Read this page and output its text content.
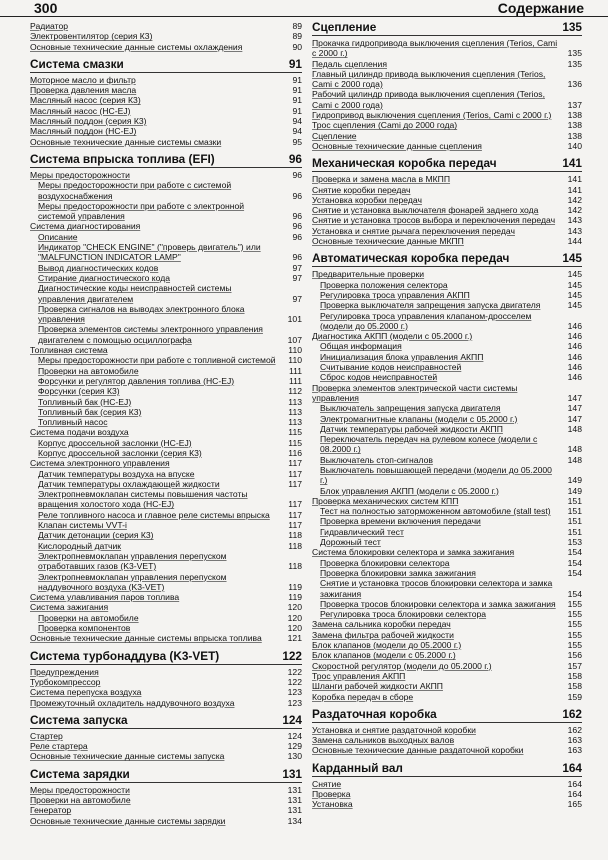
300	Содержание
Радиатор	89
Электровентилятор (серия К3)	89
Основные технические данные системы охлаждения	90
Система смазки	91
Моторное масло и фильтр	91
Проверка давления масла	91
Масляный насос (серия К3)	91
Масляный насос (HC-EJ)	91
Масляный поддон (серия К3)	94
Масляный поддон (HC-EJ)	94
Основные технические данные системы смазки	95
Система впрыска топлива (EFI)	96
Меры предосторожности	96
Меры предосторожности при работе с системой воздухоснабжения	96
Меры предосторожности при работе с электронной системой управления	96
Система диагностирования	96
Описание	96
Индикатор "CHECK ENGINE" ("проверь двигатель") или "MALFUNCTION INDICATOR LAMP"	96
Вывод диагностических кодов	97
Стирание диагностического кода	97
Диагностические коды неисправностей системы управления двигателем	97
Проверка сигналов на выводах электронного блока управления	101
Проверка элементов системы электронного управления двигателем с помощью осциллографа	107
Топливная система	110
Меры предосторожности при работе с топливной системой	110
Проверки на автомобиле	111
Форсунки и регулятор давления топлива (HC-EJ)	111
Форсунки (серия К3)	112
Топливный бак (HC-EJ)	113
Топливный бак (серия К3)	113
Топливный насос	113
Система подачи воздуха	115
Корпус дроссельной заслонки (HC-EJ)	115
Корпус дроссельной заслонки (серия К3)	116
Система электронного управления	117
Датчик температуры воздуха на впуске	117
Датчик температуры охлаждающей жидкости	117
Электропневмоклапан системы повышения частоты вращения холостого хода (HC-EJ)	117
Реле топливного насоса и главное реле системы впрыска	117
Клапан системы VVT-i	117
Датчик детонации (серия К3)	118
Кислородный датчик	118
Электропневмоклапан управления перепуском отработавших газов (K3-VET)	118
Электропневмоклапан управления перепуском наддувочного воздуха (K3-VET)	119
Система улавливания паров топлива	119
Система зажигания	120
Проверки на автомобиле	120
Проверка компонентов	120
Основные технические данные системы впрыска топлива	121
Система турбонаддува (K3-VET)	122
Предупреждения	122
Турбокомпрессор	122
Система перепуска воздуха	123
Промежуточный охладитель наддувочного воздуха	123
Система запуска	124
Стартер	124
Реле стартера	129
Основные технические данные системы запуска	130
Система зарядки	131
Меры предосторожности	131
Проверки на автомобиле	131
Генератор	131
Основные технические данные системы зарядки	134
Сцепление	135
Прокачка гидропривода выключения сцепления (Terios, Cami с 2000 г.)	135
Педаль сцепления	135
Главный цилиндр привода выключения сцепления (Terios, Cami с 2000 года)	136
Рабочий цилиндр привода выключения сцепления (Terios, Cami с 2000 года)	137
Гидропривод выключения сцепления (Terios, Cami с 2000 г.)	138
Трос сцепления (Cami до 2000 года)	138
Сцепление	138
Основные технические данные сцепления	140
Механическая коробка передач	141
Проверка и замена масла в МКПП	141
Снятие коробки передач	141
Установка коробки передач	142
Снятие и установка выключателя фонарей заднего хода	142
Снятие и установка тросов выбора и переключения передач	143
Установка и снятие рычага переключения передач	143
Основные технические данные МКПП	144
Автоматическая коробка передач	145
Предварительные проверки	145
Проверка положения селектора	145
Регулировка троса управления АКПП	145
Проверка выключателя запрещения запуска двигателя	145
Регулировка троса управления клапаном-дросселем (модели до 05.2000 г.)	146
Диагностика АКПП (модели с 05.2000 г.)	146
Общая информация	146
Инициализация блока управления АКПП	146
Считывание кодов неисправностей	146
Сброс кодов неисправностей	146
Проверка элементов электрической части системы управления	147
Выключатель запрещения запуска двигателя	147
Электромагнитные клапаны (модели с 05.2000 г.)	147
Датчик температуры рабочей жидкости АКПП	148
Переключатель передач на рулевом колесе (модели с 08.2000 г.)	148
Выключатель стоп-сигналов	148
Выключатель повышающей передачи (модели до 05.2000 г.)	149
Блок управления АКПП (модели с 05.2000 г.)	149
Проверка механических систем КПП	151
Тест на полностью заторможенном автомобиле (stall test)	151
Проверка времени включения передачи	151
Гидравлический тест	151
Дорожный тест	153
Система блокировки селектора и замка зажигания	154
Проверка блокировки селектора	154
Проверка блокировки замка зажигания	154
Снятие и установка тросов блокировки селектора и замка зажигания	154
Проверка тросов блокировки селектора и замка зажигания	155
Регулировка троса блокировки селектора	155
Замена сальника коробки передач	155
Замена фильтра рабочей жидкости	155
Блок клапанов (модели до 05.2000 г.)	155
Блок клапанов (модели с 05.2000 г.)	156
Скоростной регулятор (модели до 05.2000 г.)	157
Трос управления АКПП	158
Шланги рабочей жидкости АКПП	158
Коробка передач в сборе	159
Раздаточная коробка	162
Установка и снятие раздаточной коробки	162
Замена сальников выходных валов	163
Основные технические данные раздаточной коробки	163
Карданный вал	164
Снятие	164
Проверка	164
Установка	165
